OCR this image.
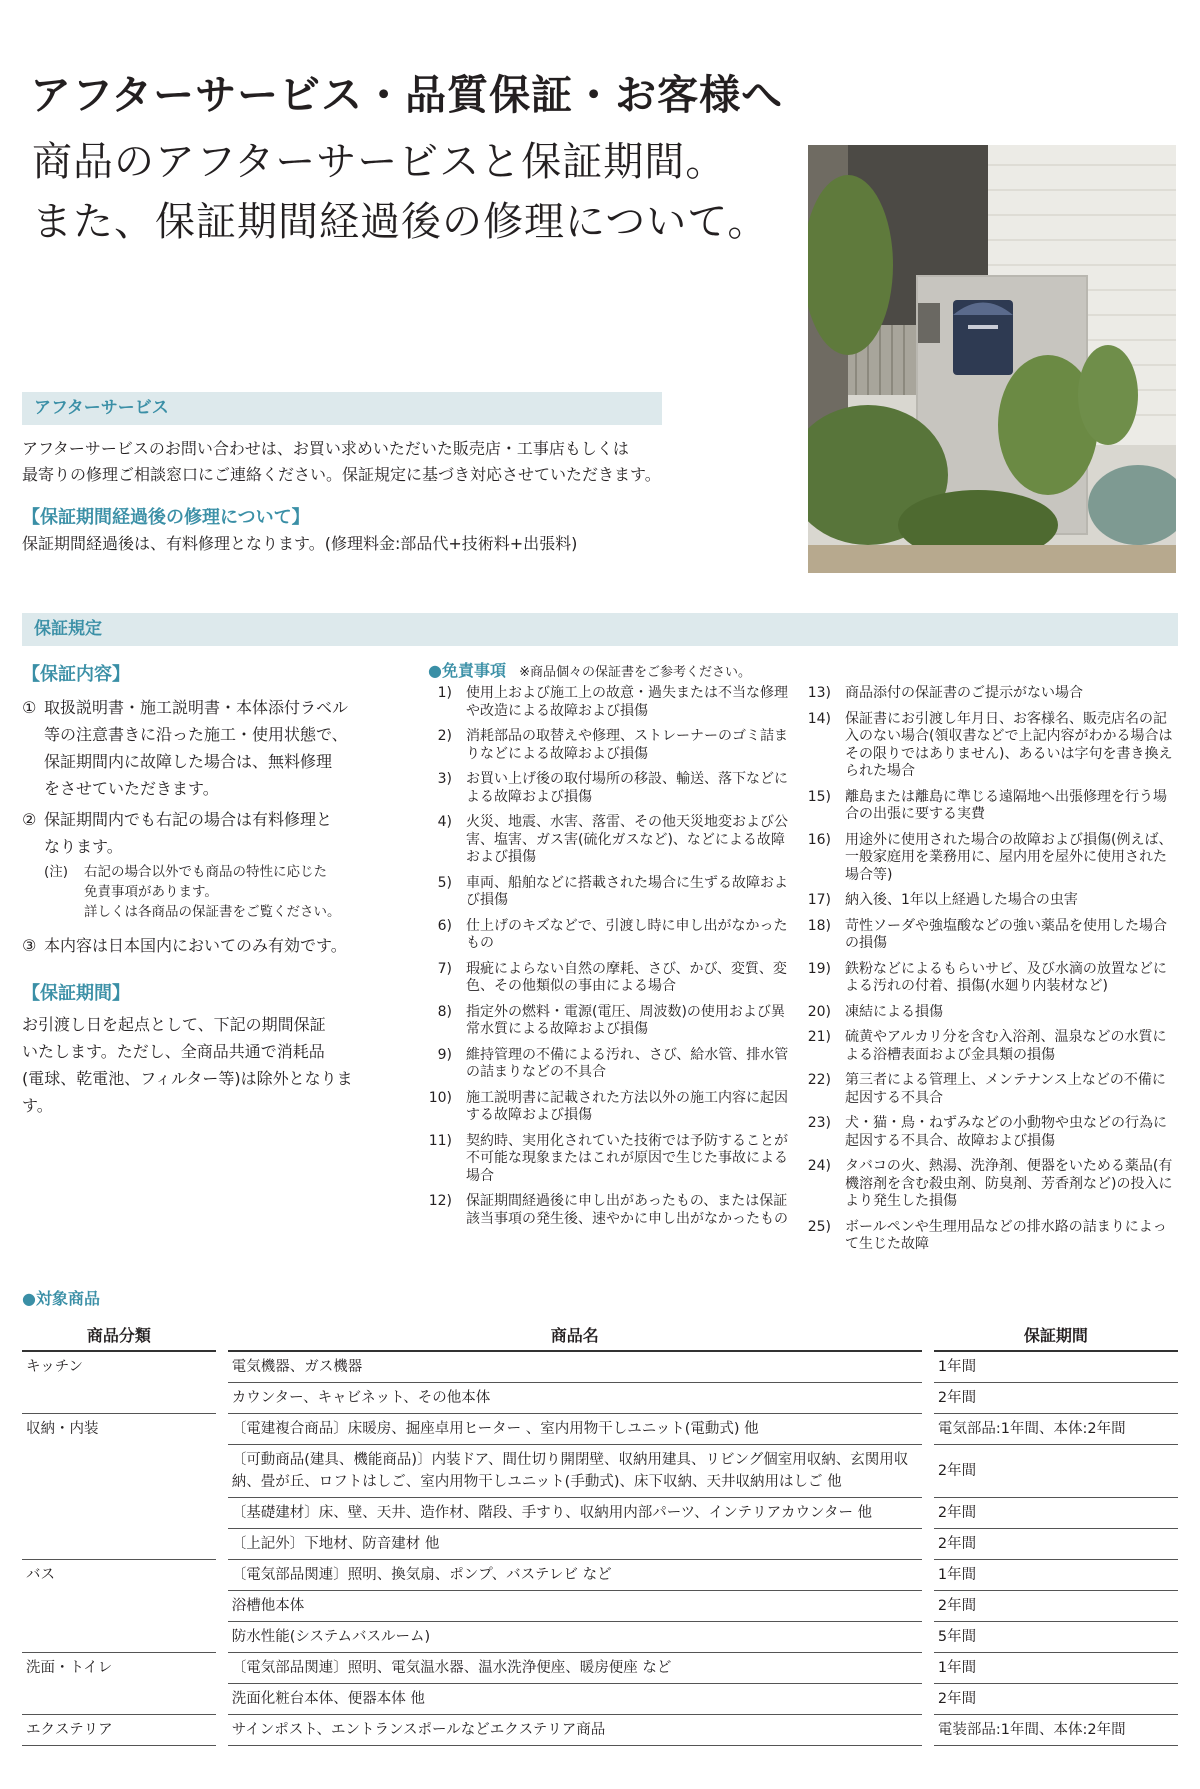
アフターサービス・品質保証・お客様へ
商品のアフターサービスと保証期間。
また、保証期間経過後の修理について。
アフターサービス
アフターサービスのお問い合わせは、お買い求めいただいた販売店・工事店もしくは
最寄りの修理ご相談窓口にご連絡ください。保証規定に基づき対応させていただきます。
【保証期間経過後の修理について】
保証期間経過後は、有料修理となります。(修理料金:部品代+技術料+出張料)
保証規定
【保証内容】
① 取扱説明書・施工説明書・本体添付ラベル
等の注意書きに沿った施工・使用状態で、
保証期間内に故障した場合は、無料修理
をさせていただきます。
② 保証期間内でも右記の場合は有料修理と
なります。
(注) 右記の場合以外でも商品の特性に応じた
免責事項があります。
詳しくは各商品の保証書をご覧ください。
③ 本内容は日本国内においてのみ有効です。
【保証期間】
お引渡し日を起点として、下記の期間保証
いたします。ただし、全商品共通で消耗品
(電球、乾電池、フィルター等)は除外となります。
●免責事項 ※商品個々の保証書をご参考ください。
1)	使用上および施工上の故意・過失または不当な修理や改造による故障および損傷
2)	消耗部品の取替えや修理、ストレーナーのゴミ詰まりなどによる故障および損傷
3)	お買い上げ後の取付場所の移設、輸送、落下などによる故障および損傷
4)	火災、地震、水害、落雷、その他天災地変および公害、塩害、ガス害(硫化ガスなど)、などによる故障および損傷
5)	車両、船舶などに搭載された場合に生ずる故障および損傷
6)	仕上げのキズなどで、引渡し時に申し出がなかったもの
7)	瑕疵によらない自然の摩耗、さび、かび、変質、変色、その他類似の事由による場合
8)	指定外の燃料・電源(電圧、周波数)の使用および異常水質による故障および損傷
9)	維持管理の不備による汚れ、さび、給水管、排水管の詰まりなどの不具合
10)	施工説明書に記載された方法以外の施工内容に起因する故障および損傷
11)	契約時、実用化されていた技術では予防することが不可能な現象またはこれが原因で生じた事故による場合
12)	保証期間経過後に申し出があったもの、または保証該当事項の発生後、速やかに申し出がなかったもの
13)	商品添付の保証書のご提示がない場合
14)	保証書にお引渡し年月日、お客様名、販売店名の記入のない場合(領収書などで上記内容がわかる場合はその限りではありません)、あるいは字句を書き換えられた場合
15)	離島または離島に準じる遠隔地へ出張修理を行う場合の出張に要する実費
16)	用途外に使用された場合の故障および損傷(例えば、一般家庭用を業務用に、屋内用を屋外に使用された場合等)
17)	納入後、1年以上経過した場合の虫害
18)	苛性ソーダや強塩酸などの強い薬品を使用した場合の損傷
19)	鉄粉などによるもらいサビ、及び水滴の放置などによる汚れの付着、損傷(水廻り内装材など)
20)	凍結による損傷
21)	硫黄やアルカリ分を含む入浴剤、温泉などの水質による浴槽表面および金具類の損傷
22)	第三者による管理上、メンテナンス上などの不備に起因する不具合
23)	犬・猫・鳥・ねずみなどの小動物や虫などの行為に起因する不具合、故障および損傷
24)	タバコの火、熱湯、洗浄剤、便器をいためる薬品(有機溶剤を含む殺虫剤、防臭剤、芳香剤など)の投入により発生した損傷
25)	ボールペンや生理用品などの排水路の詰まりによって生じた故障
●対象商品
商品分類		商品名		保証期間
キッチン		電気機器、ガス機器		1年間
		カウンター、キャビネット、その他本体		2年間
収納・内装		〔電建複合商品〕床暖房、掘座卓用ヒーター 、室内用物干しユニット(電動式) 他		電気部品:1年間、本体:2年間
		〔可動商品(建具、機能商品)〕内装ドア、間仕切り開閉壁、収納用建具、リビング個室用収納、玄関用収納、畳が丘、ロフトはしご、室内用物干しユニット(手動式)、床下収納、天井収納用はしご 他		2年間
		〔基礎建材〕床、壁、天井、造作材、階段、手すり、収納用内部パーツ、インテリアカウンター 他		2年間
		〔上記外〕下地材、防音建材 他		2年間
バス		〔電気部品関連〕照明、換気扇、ポンプ、バステレビ など		1年間
		浴槽他本体		2年間
		防水性能(システムバスルーム)		5年間
洗面・トイレ		〔電気部品関連〕照明、電気温水器、温水洗浄便座、暖房便座 など		1年間
		洗面化粧台本体、便器本体 他		2年間
エクステリア		サインポスト、エントランスポールなどエクステリア商品		電装部品:1年間、本体:2年間
